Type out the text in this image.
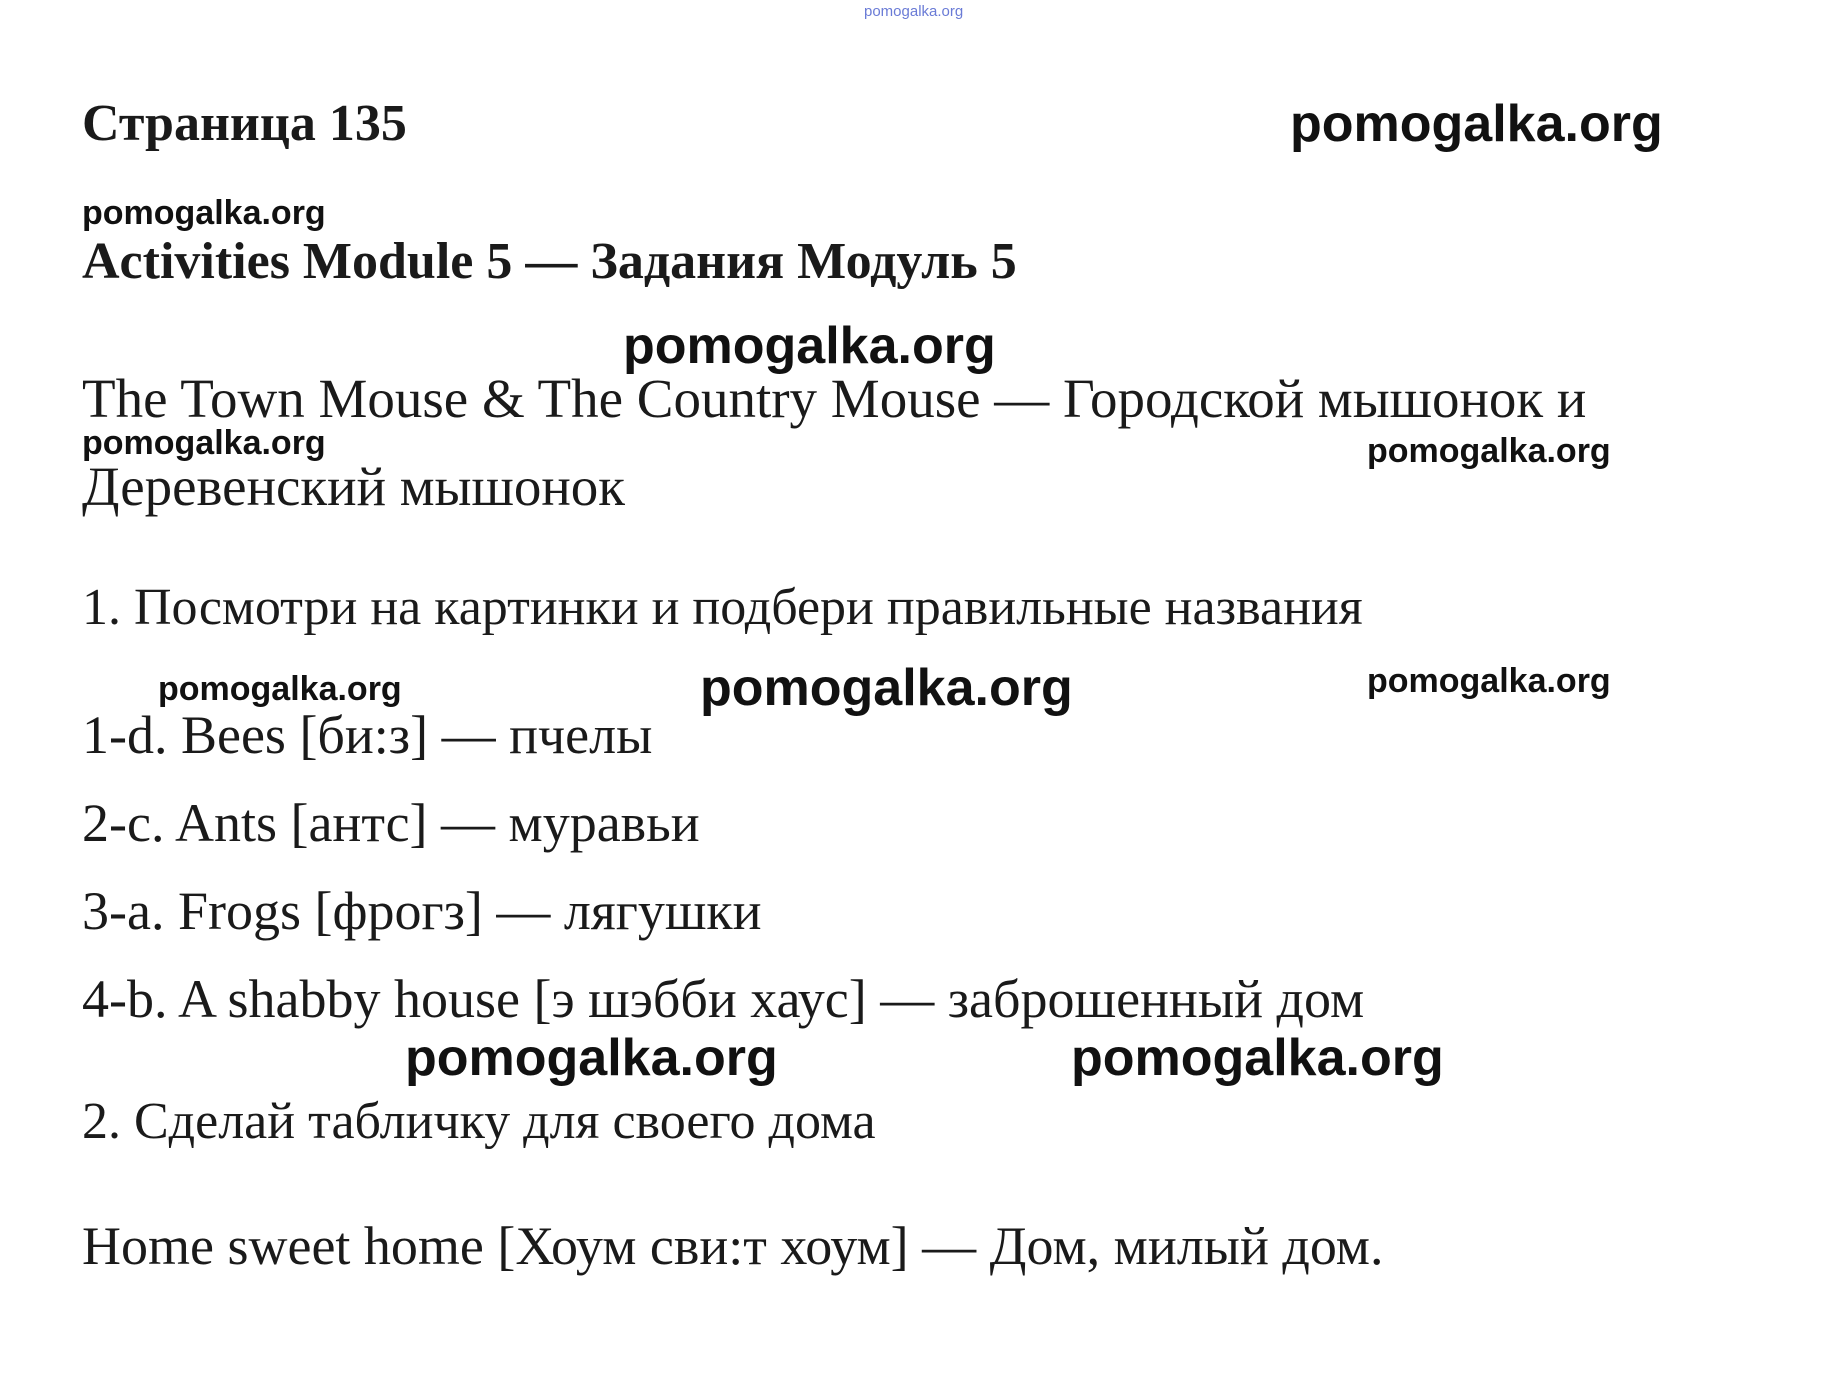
pomogalka.org
Страница 135	pomogalka.org
pomogalka.org
Activities Module 5 — Задания Модуль 5
pomogalka.org
The Town Mouse & The Country Mouse — Городской мышонок и
pomogalka.org	pomogalka.org
Деревенский мышонок
1. Посмотри на картинки и подбери правильные названия
pomogalka.org	pomogalka.org	pomogalka.org
1-d. Bees [би:з] — пчелы
2-c. Ants [антс] — муравьи
3-a. Frogs [фрогз] — лягушки
4-b. A shabby house [э шэбби хаус] — заброшенный дом
pomogalka.org	pomogalka.org
2. Сделай табличку для своего дома
Home sweet home [Хоум сви:т хоум] — Дом, милый дом.
